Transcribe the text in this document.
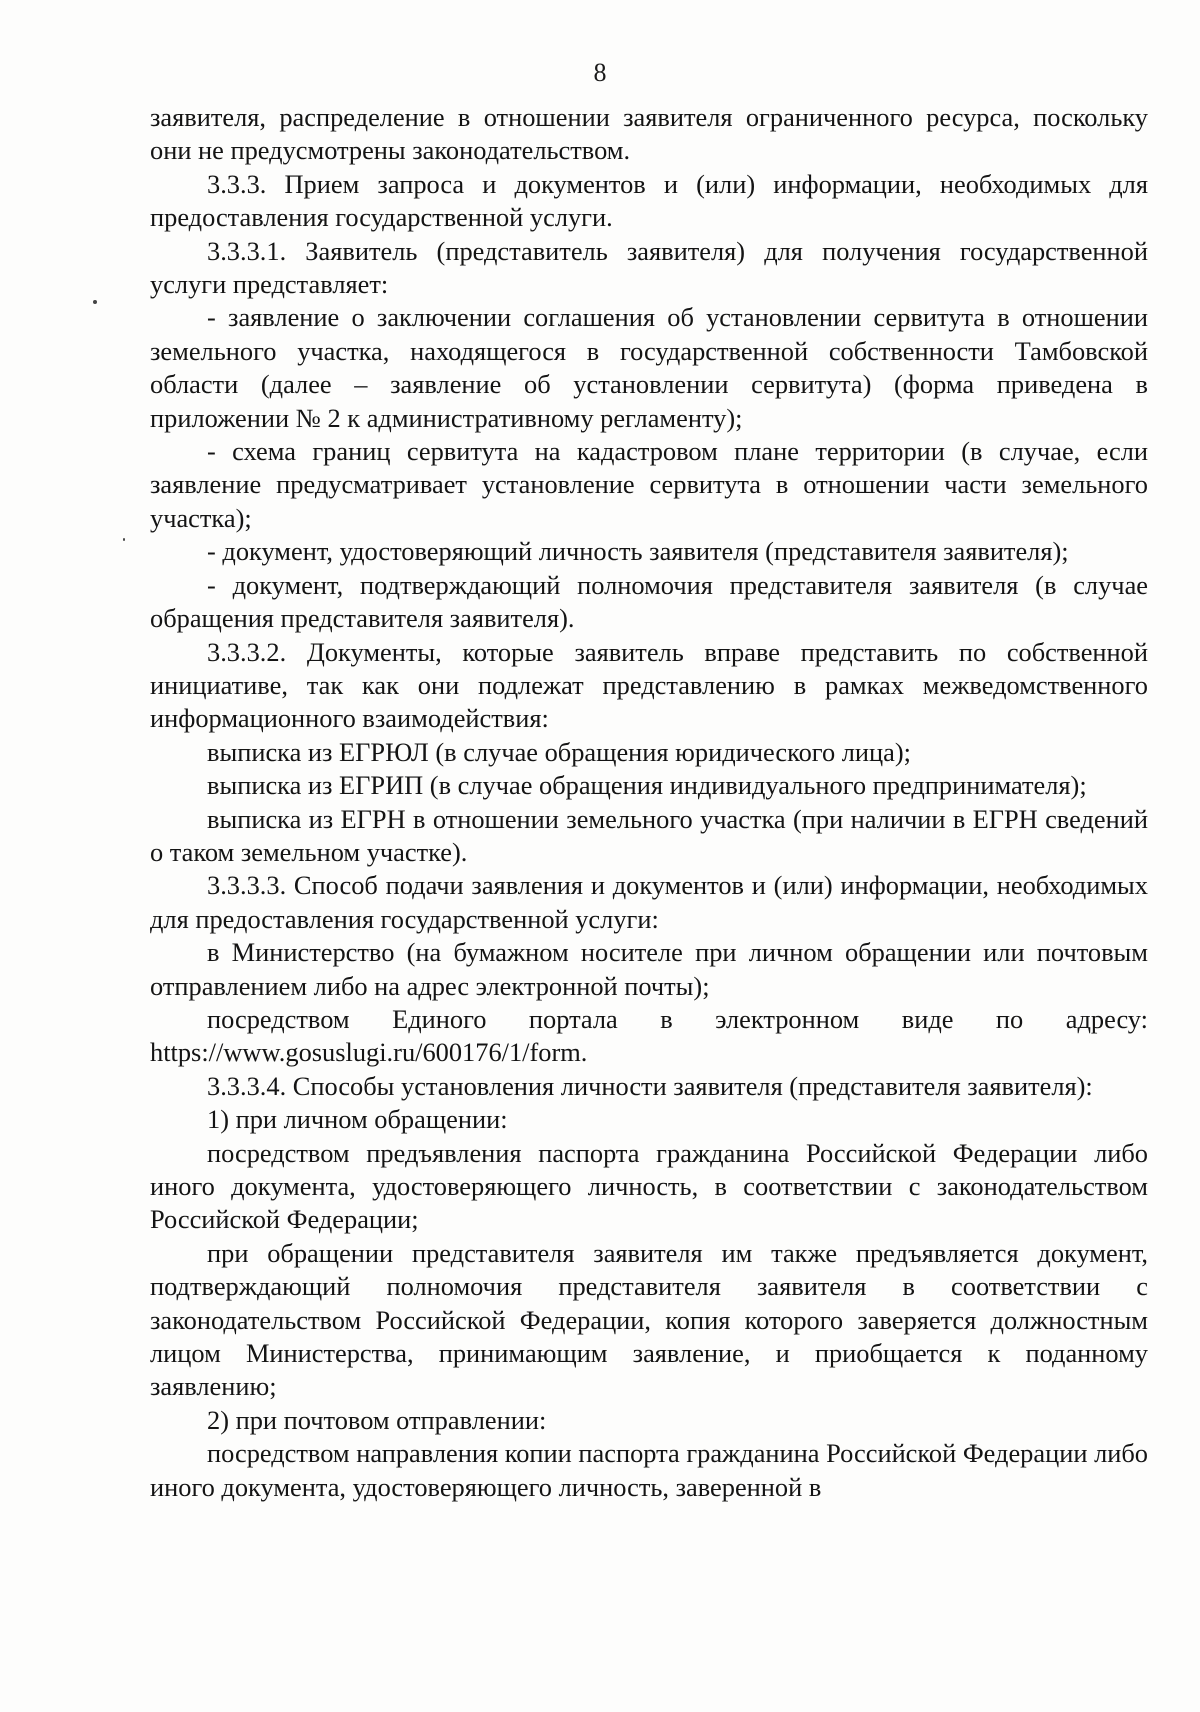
8

заявителя, распределение в отношении заявителя ограниченного ресурса, поскольку они не предусмотрены законодательством.

3.3.3. Прием запроса и документов и (или) информации, необходимых для предоставления государственной услуги.

3.3.3.1. Заявитель (представитель заявителя) для получения государственной услуги представляет:

- заявление о заключении соглашения об установлении сервитута в отношении земельного участка, находящегося в государственной собственности Тамбовской области (далее – заявление об установлении сервитута) (форма приведена в приложении № 2 к административному регламенту);

- схема границ сервитута на кадастровом плане территории (в случае, если заявление предусматривает установление сервитута в отношении части земельного участка);

- документ, удостоверяющий личность заявителя (представителя заявителя);

- документ, подтверждающий полномочия представителя заявителя (в случае обращения представителя заявителя).

3.3.3.2. Документы, которые заявитель вправе представить по собственной инициативе, так как они подлежат представлению в рамках межведомственного информационного взаимодействия:

выписка из ЕГРЮЛ (в случае обращения юридического лица);

выписка из ЕГРИП (в случае обращения индивидуального предпринимателя);

выписка из ЕГРН в отношении земельного участка (при наличии в ЕГРН сведений о таком земельном участке).

3.3.3.3. Способ подачи заявления и документов и (или) информации, необходимых для предоставления государственной услуги:

в Министерство (на бумажном носителе при личном обращении или почтовым отправлением либо на адрес электронной почты);

посредством Единого портала в электронном виде по адресу: https://www.gosuslugi.ru/600176/1/form.

3.3.3.4. Способы установления личности заявителя (представителя заявителя):

1) при личном обращении:

посредством предъявления паспорта гражданина Российской Федерации либо иного документа, удостоверяющего личность, в соответствии с законодательством Российской Федерации;

при обращении представителя заявителя им также предъявляется документ, подтверждающий полномочия представителя заявителя в соответствии с законодательством Российской Федерации, копия которого заверяется должностным лицом Министерства, принимающим заявление, и приобщается к поданному заявлению;

2) при почтовом отправлении:

посредством направления копии паспорта гражданина Российской Федерации либо иного документа, удостоверяющего личность, заверенной в
